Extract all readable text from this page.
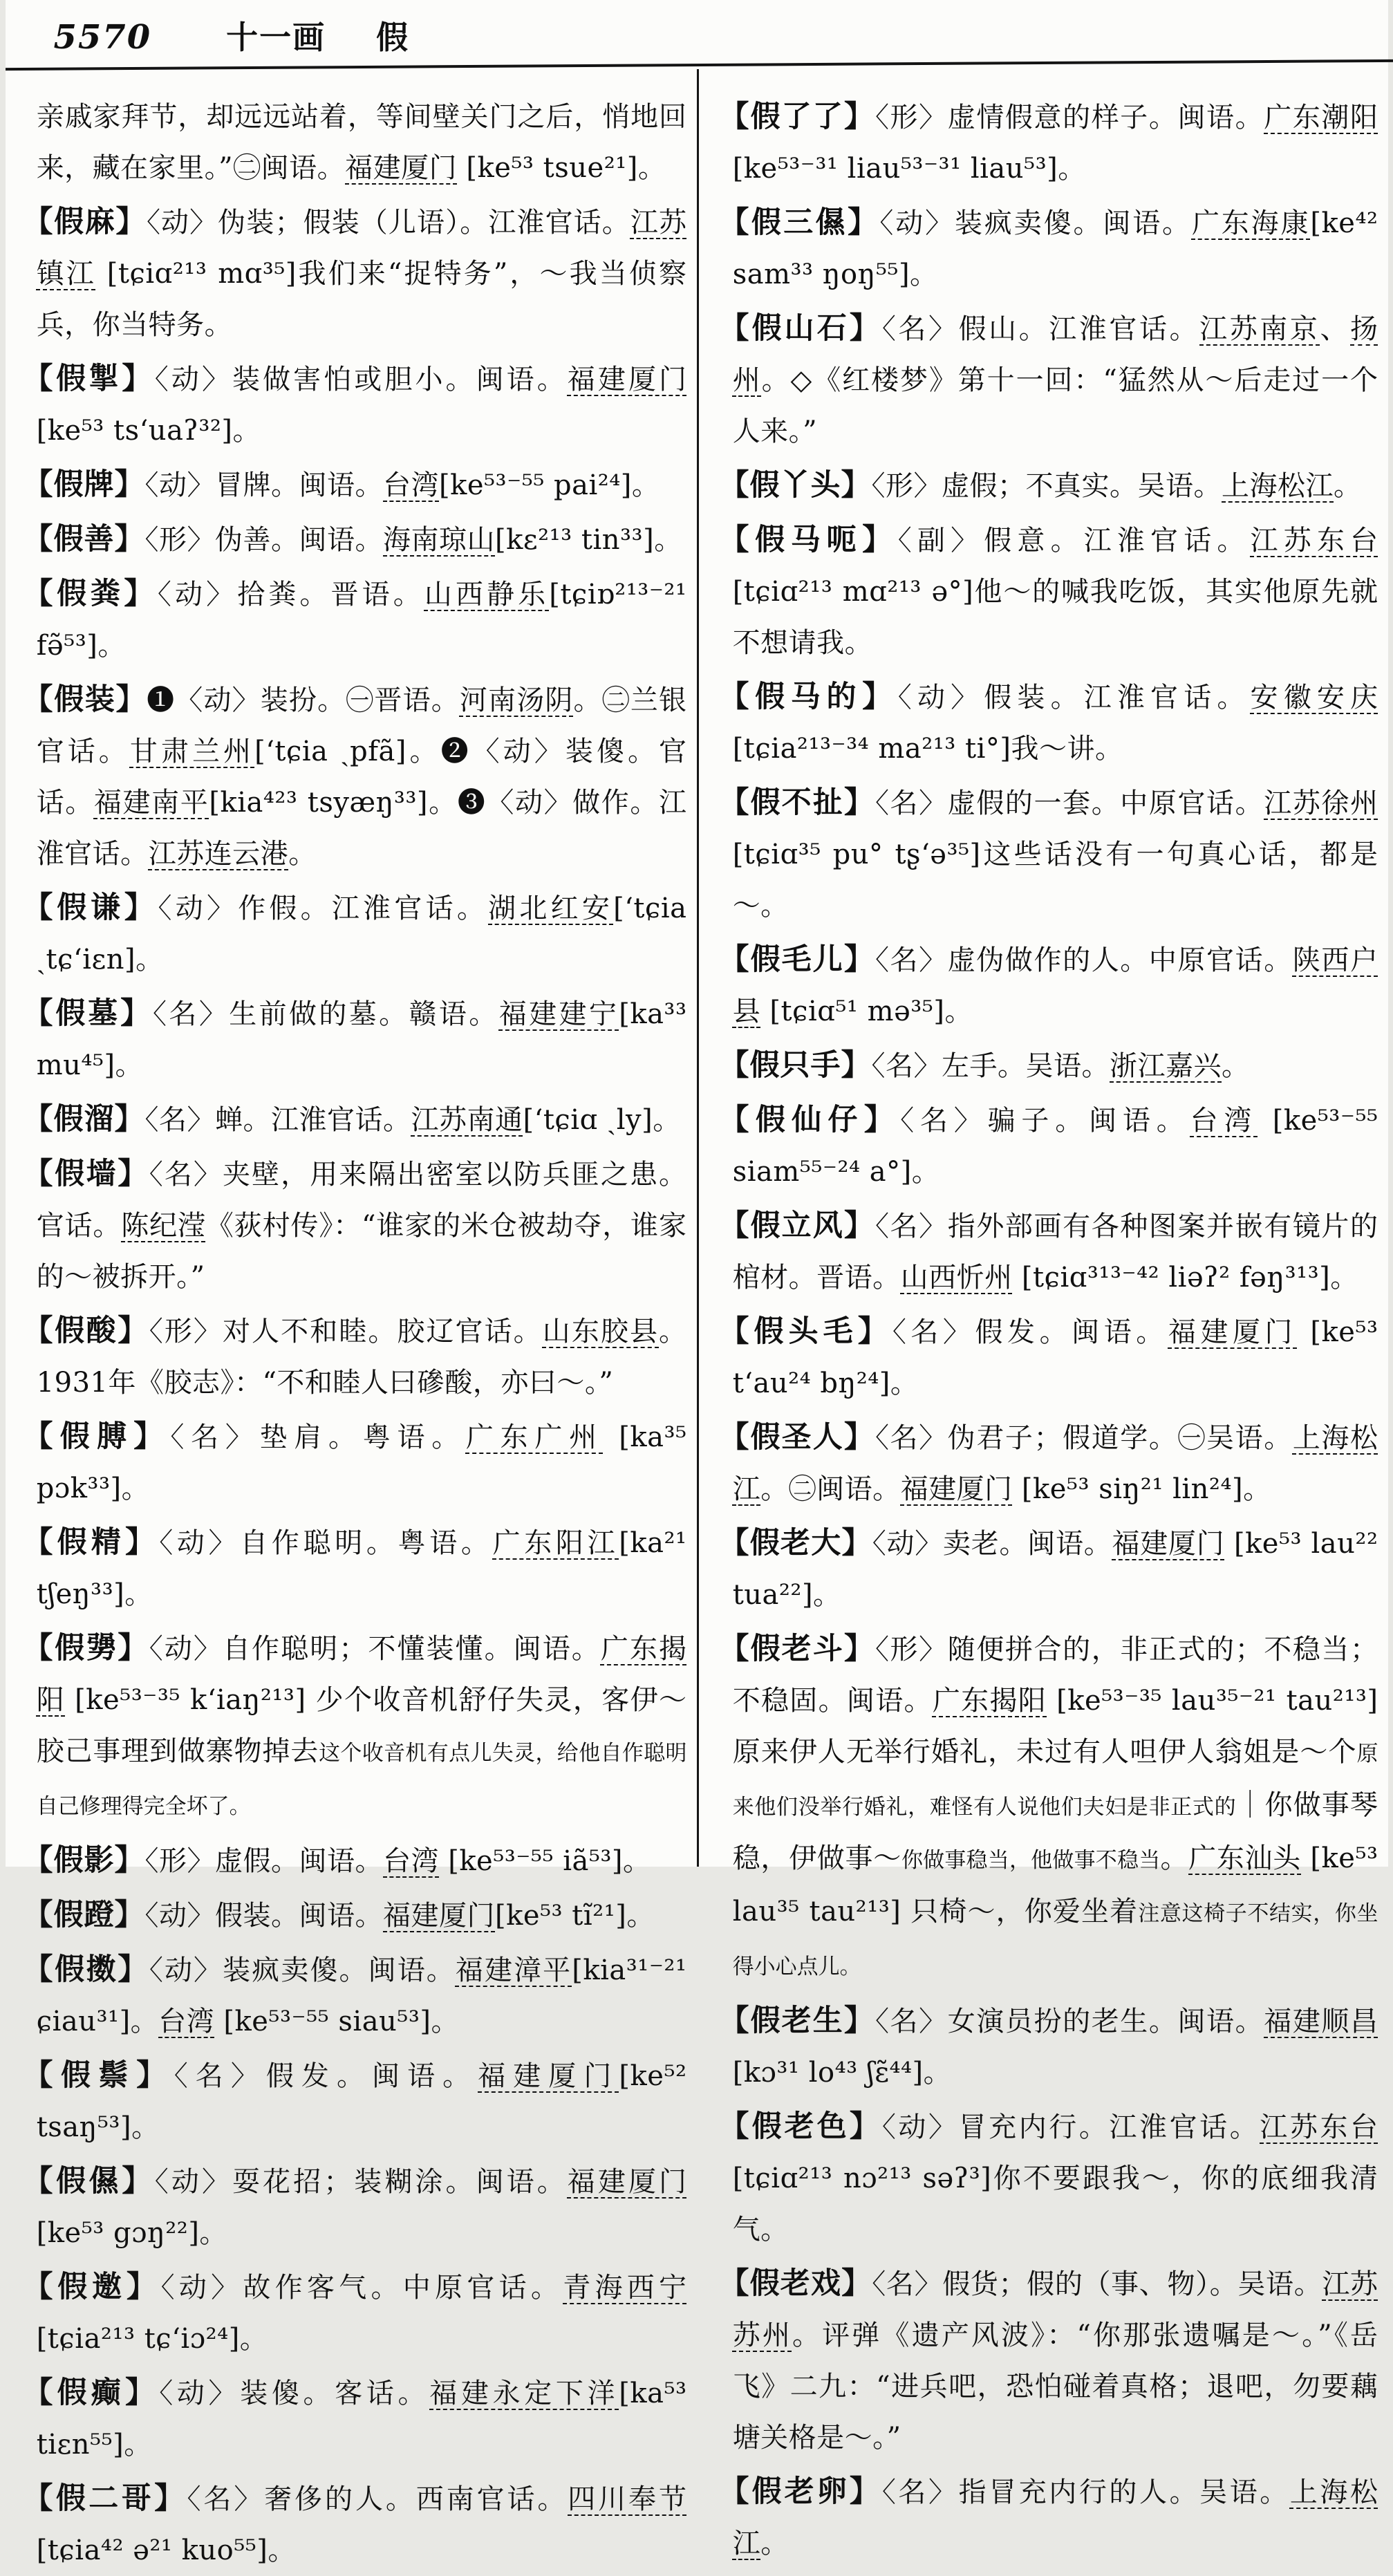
5570 十一画 假
亲戚家拜节，却远远站着，等间壁关门之后，悄地回来，藏在家里。”㊁闽语。福建厦门 [ke⁵³ tsue²¹]。
【假麻】〈动〉伪装；假装（儿语）。江淮官话。江苏镇江 [tɕiɑ²¹³ mɑ³⁵]我们来“捉特务”，～我当侦察兵，你当特务。
【假掣】〈动〉装做害怕或胆小。闽语。福建厦门 [ke⁵³ ts‘uaʔ³²]。
【假牌】〈动〉冒牌。闽语。台湾[ke⁵³⁻⁵⁵ pai²⁴]。
【假善】〈形〉伪善。闽语。海南琼山[kɛ²¹³ tin³³]。
【假粪】〈动〉拾粪。晋语。山西静乐[tɕiɒ²¹³⁻²¹ fə̃⁵³]。
【假装】❶〈动〉装扮。㊀晋语。河南汤阴。㊁兰银官话。甘肃兰州[ʻtɕia ˎpfã]。❷〈动〉装傻。官话。福建南平[kia⁴²³ tsyæŋ³³]。❸〈动〉做作。江淮官话。江苏连云港。
【假谦】〈动〉作假。江淮官话。湖北红安[ʻtɕia ˎtɕ‘iɛn]。
【假墓】〈名〉生前做的墓。赣语。福建建宁[ka³³ mu⁴⁵]。
【假溜】〈名〉蝉。江淮官话。江苏南通[ʻtɕiɑ ˎly]。
【假墙】〈名〉夹壁，用来隔出密室以防兵匪之患。官话。陈纪滢《荻村传》：“谁家的米仓被劫夺，谁家的～被拆开。”
【假酸】〈形〉对人不和睦。胶辽官话。山东胶县。1931年《胶志》：“不和睦人曰磣酸，亦曰～。”
【假膊】〈名〉垫肩。粤语。广东广州 [ka³⁵ pɔk³³]。
【假精】〈动〉自作聪明。粤语。广东阳江[ka²¹ tʃeŋ³³]。
【假勥】〈动〉自作聪明；不懂装懂。闽语。广东揭阳 [ke⁵³⁻³⁵ k‘iaŋ²¹³] 少个收音机舒仔失灵，客伊～胶己事理到做寨物掉去这个收音机有点儿失灵，给他自作聪明自己修理得完全坏了。
【假影】〈形〉虚假。闽语。台湾 [ke⁵³⁻⁵⁵ iã⁵³]。
【假蹬】〈动〉假装。闽语。福建厦门[ke⁵³ tĩ²¹]。
【假擞】〈动〉装疯卖傻。闽语。福建漳平[kia³¹⁻²¹ ɕiau³¹]。台湾 [ke⁵³⁻⁵⁵ siau⁵³]。
【假鬃】〈名〉假发。闽语。福建厦门[ke⁵² tsaŋ⁵³]。
【假儑】〈动〉耍花招；装糊涂。闽语。福建厦门 [ke⁵³ gɔŋ²²]。
【假邀】〈动〉故作客气。中原官话。青海西宁 [tɕia²¹³ tɕ‘iɔ²⁴]。
【假癫】〈动〉装傻。客话。福建永定下洋[ka⁵³ tiɛn⁵⁵]。
【假二哥】〈名〉奢侈的人。西南官话。四川奉节[tɕia⁴² ə²¹ kuo⁵⁵]。
【假了了】〈形〉虚情假意的样子。闽语。广东潮阳 [ke⁵³⁻³¹ liau⁵³⁻³¹ liau⁵³]。
【假三儑】〈动〉装疯卖傻。闽语。广东海康[ke⁴² sam³³ ŋoŋ⁵⁵]。
【假山石】〈名〉假山。江淮官话。江苏南京、扬州。◇《红楼梦》第十一回：“猛然从～后走过一个人来。”
【假丫头】〈形〉虚假；不真实。吴语。上海松江。
【假马呃】〈副〉假意。江淮官话。江苏东台 [tɕiɑ²¹³ mɑ²¹³ ə°]他～的喊我吃饭，其实他原先就不想请我。
【假马的】〈动〉假装。江淮官话。安徽安庆 [tɕia²¹³⁻³⁴ ma²¹³ ti°]我～讲。
【假不扯】〈名〉虚假的一套。中原官话。江苏徐州 [tɕiɑ³⁵ pu° tʂ‘ə³⁵]这些话没有一句真心话，都是～。
【假毛儿】〈名〉虚伪做作的人。中原官话。陕西户县 [tɕiɑ⁵¹ mə³⁵]。
【假只手】〈名〉左手。吴语。浙江嘉兴。
【假仙仔】〈名〉骗子。闽语。台湾 [ke⁵³⁻⁵⁵ siam⁵⁵⁻²⁴ a°]。
【假立风】〈名〉指外部画有各种图案并嵌有镜片的棺材。晋语。山西忻州 [tɕiɑ³¹³⁻⁴² liəʔ² fəŋ³¹³]。
【假头毛】〈名〉假发。闽语。福建厦门 [ke⁵³ t‘au²⁴ bŋ²⁴]。
【假圣人】〈名〉伪君子；假道学。㊀吴语。上海松江。㊁闽语。福建厦门 [ke⁵³ siŋ²¹ lin²⁴]。
【假老大】〈动〉卖老。闽语。福建厦门 [ke⁵³ lau²² tua²²]。
【假老斗】〈形〉随便拼合的，非正式的；不稳当；不稳固。闽语。广东揭阳 [ke⁵³⁻³⁵ lau³⁵⁻²¹ tau²¹³]原来伊人无举行婚礼，未过有人呾伊人翁姐是～个原来他们没举行婚礼，难怪有人说他们夫妇是非正式的｜你做事琴稳，伊做事～你做事稳当，他做事不稳当。广东汕头 [ke⁵³ lau³⁵ tau²¹³] 只椅～，你爱坐着注意这椅子不结实，你坐得小心点儿。
【假老生】〈名〉女演员扮的老生。闽语。福建顺昌 [kɔ³¹ lo⁴³ ʃɛ̃⁴⁴]。
【假老色】〈动〉冒充内行。江淮官话。江苏东台[tɕiɑ²¹³ nɔ²¹³ səʔ³]你不要跟我～，你的底细我清气。
【假老戏】〈名〉假货；假的（事、物）。吴语。江苏苏州。评弹《遗产风波》：“你那张遗嘱是～。”《岳飞》二九：“进兵吧，恐怕碰着真格；退吧，勿要藕塘关格是～。”
【假老卵】〈名〉指冒充内行的人。吴语。上海松江。
